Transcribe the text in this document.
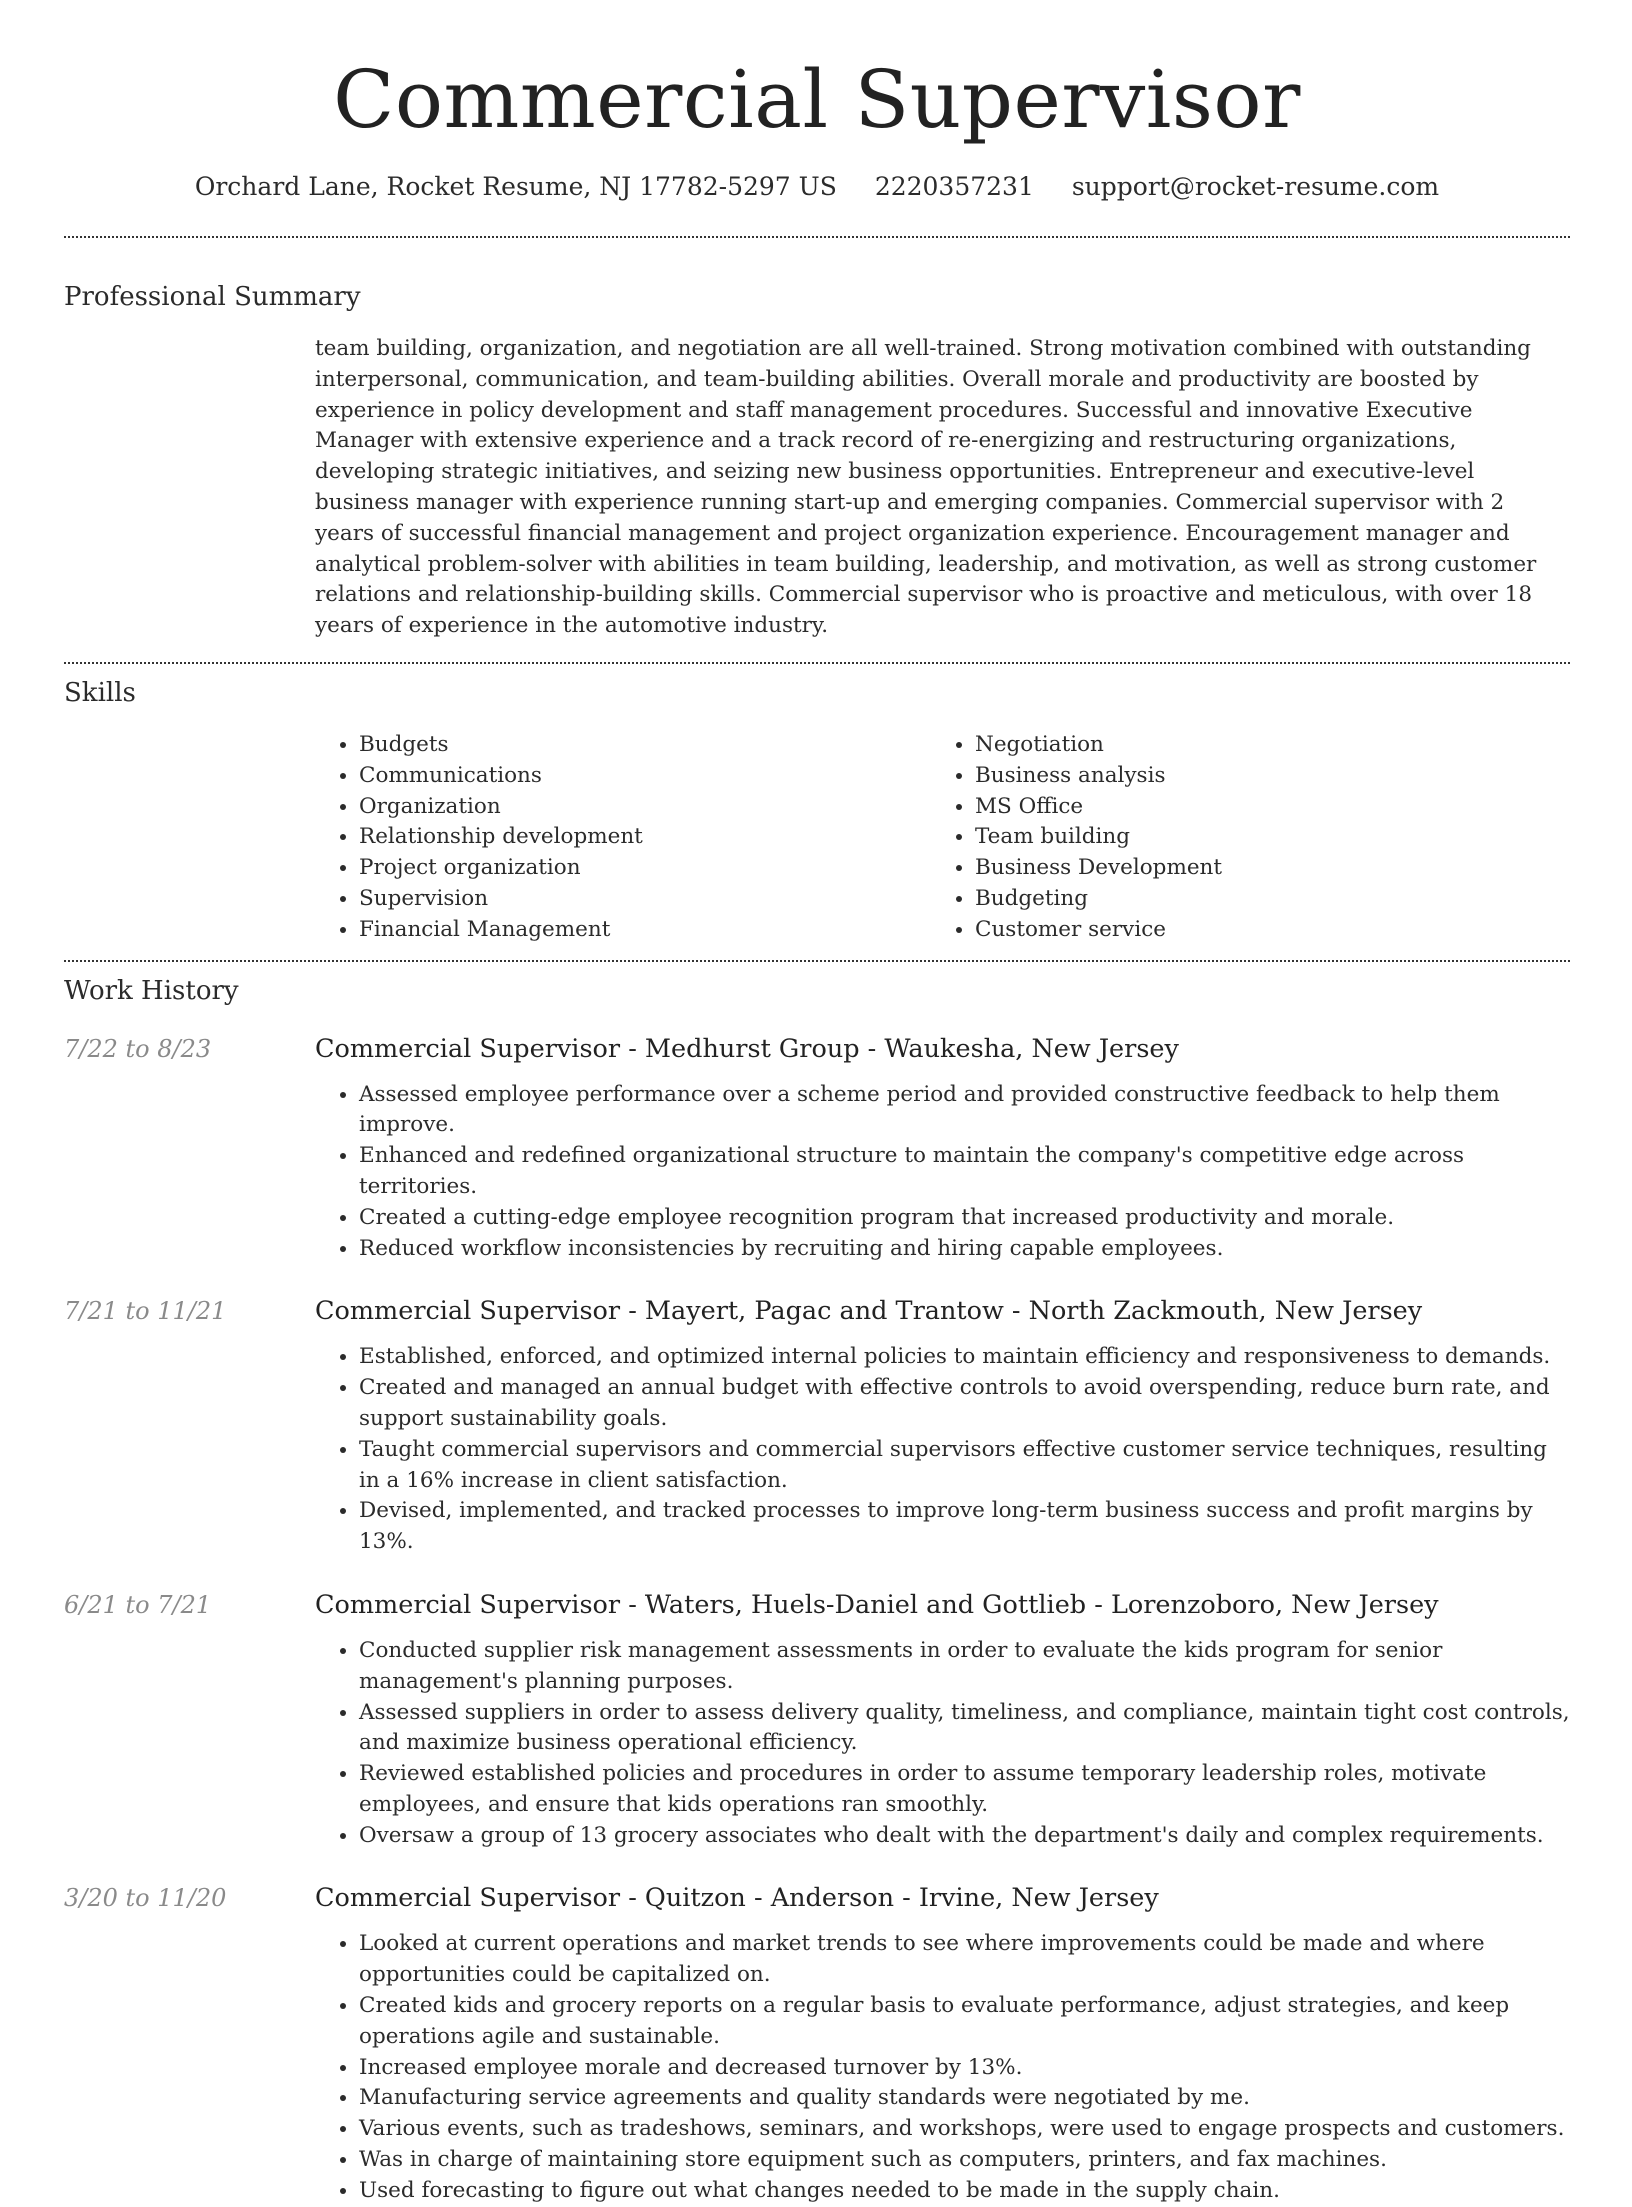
Commercial Supervisor
Orchard Lane, Rocket Resume, NJ 17782-5297 US 2220357231 support@rocket-resume.com
Professional Summary
team building, organization, and negotiation are all well-trained. Strong motivation combined with outstanding interpersonal, communication, and team-building abilities. Overall morale and productivity are boosted by experience in policy development and staff management procedures. Successful and innovative Executive Manager with extensive experience and a track record of re-energizing and restructuring organizations, developing strategic initiatives, and seizing new business opportunities. Entrepreneur and executive-level business manager with experience running start-up and emerging companies. Commercial supervisor with 2 years of successful financial management and project organization experience. Encouragement manager and analytical problem-solver with abilities in team building, leadership, and motivation, as well as strong customer relations and relationship-building skills. Commercial supervisor who is proactive and meticulous, with over 18 years of experience in the automotive industry.
Skills
• Budgets
• Communications
• Organization
• Relationship development
• Project organization
• Supervision
• Financial Management
• Negotiation
• Business analysis
• MS Office
• Team building
• Business Development
• Budgeting
• Customer service
Work History
7/22 to 8/23	Commercial Supervisor - Medhurst Group - Waukesha, New Jersey
• Assessed employee performance over a scheme period and provided constructive feedback to help them improve.
• Enhanced and redefined organizational structure to maintain the company's competitive edge across territories.
• Created a cutting-edge employee recognition program that increased productivity and morale.
• Reduced workflow inconsistencies by recruiting and hiring capable employees.
7/21 to 11/21	Commercial Supervisor - Mayert, Pagac and Trantow - North Zackmouth, New Jersey
• Established, enforced, and optimized internal policies to maintain efficiency and responsiveness to demands.
• Created and managed an annual budget with effective controls to avoid overspending, reduce burn rate, and support sustainability goals.
• Taught commercial supervisors and commercial supervisors effective customer service techniques, resulting in a 16% increase in client satisfaction.
• Devised, implemented, and tracked processes to improve long-term business success and profit margins by 13%.
6/21 to 7/21	Commercial Supervisor - Waters, Huels-Daniel and Gottlieb - Lorenzoboro, New Jersey
• Conducted supplier risk management assessments in order to evaluate the kids program for senior management's planning purposes.
• Assessed suppliers in order to assess delivery quality, timeliness, and compliance, maintain tight cost controls, and maximize business operational efficiency.
• Reviewed established policies and procedures in order to assume temporary leadership roles, motivate employees, and ensure that kids operations ran smoothly.
• Oversaw a group of 13 grocery associates who dealt with the department's daily and complex requirements.
3/20 to 11/20	Commercial Supervisor - Quitzon - Anderson - Irvine, New Jersey
• Looked at current operations and market trends to see where improvements could be made and where opportunities could be capitalized on.
• Created kids and grocery reports on a regular basis to evaluate performance, adjust strategies, and keep operations agile and sustainable.
• Increased employee morale and decreased turnover by 13%.
• Manufacturing service agreements and quality standards were negotiated by me.
• Various events, such as tradeshows, seminars, and workshops, were used to engage prospects and customers.
• Was in charge of maintaining store equipment such as computers, printers, and fax machines.
• Used forecasting to figure out what changes needed to be made in the supply chain.
